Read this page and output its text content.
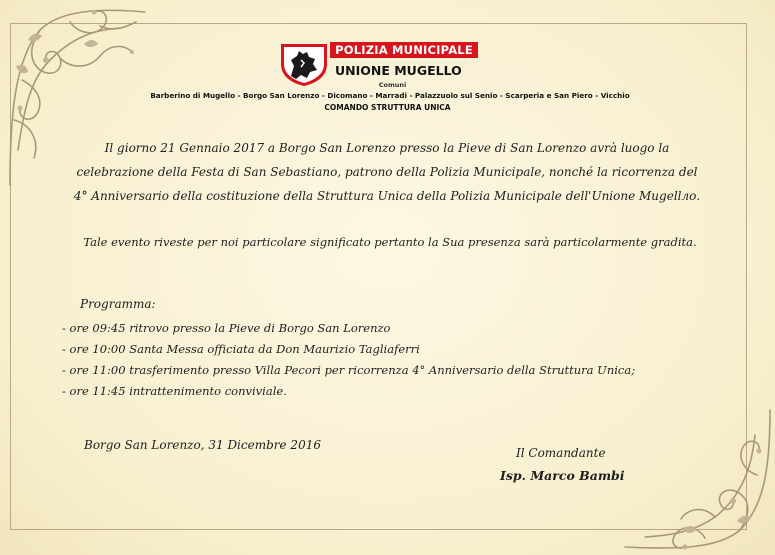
POLIZIA MUNICIPALE
UNIONE MUGELLO
Comuni
Barberino di Mugello - Borgo San Lorenzo - Dicomano - Marradi - Palazzuolo sul Senio - Scarperia e San Piero - Vicchio
COMANDO STRUTTURA UNICA
Il giorno 21 Gennaio 2017 a Borgo San Lorenzo presso la Pieve di San Lorenzo avrà luogo la celebrazione della Festa di San Sebastiano, patrono della Polizia Municipale, nonché la ricorrenza del 4° Anniversario della costituzione della Struttura Unica della Polizia Municipale dell'Unione Mugellло.
Tale evento riveste per noi particolare significato pertanto la Sua presenza sarà particolarmente gradita.
Programma:
- ore 09:45 ritrovo presso la Pieve di Borgo San Lorenzo
- ore 10:00 Santa Messa officiata da Don Maurizio Tagliaferri
- ore 11:00 trasferimento presso Villa Pecori per ricorrenza 4° Anniversario della Struttura Unica;
- ore 11:45 intrattenimento conviviale.
Borgo San Lorenzo, 31 Dicembre 2016
Il Comandante
Isp. Marco Bambi
